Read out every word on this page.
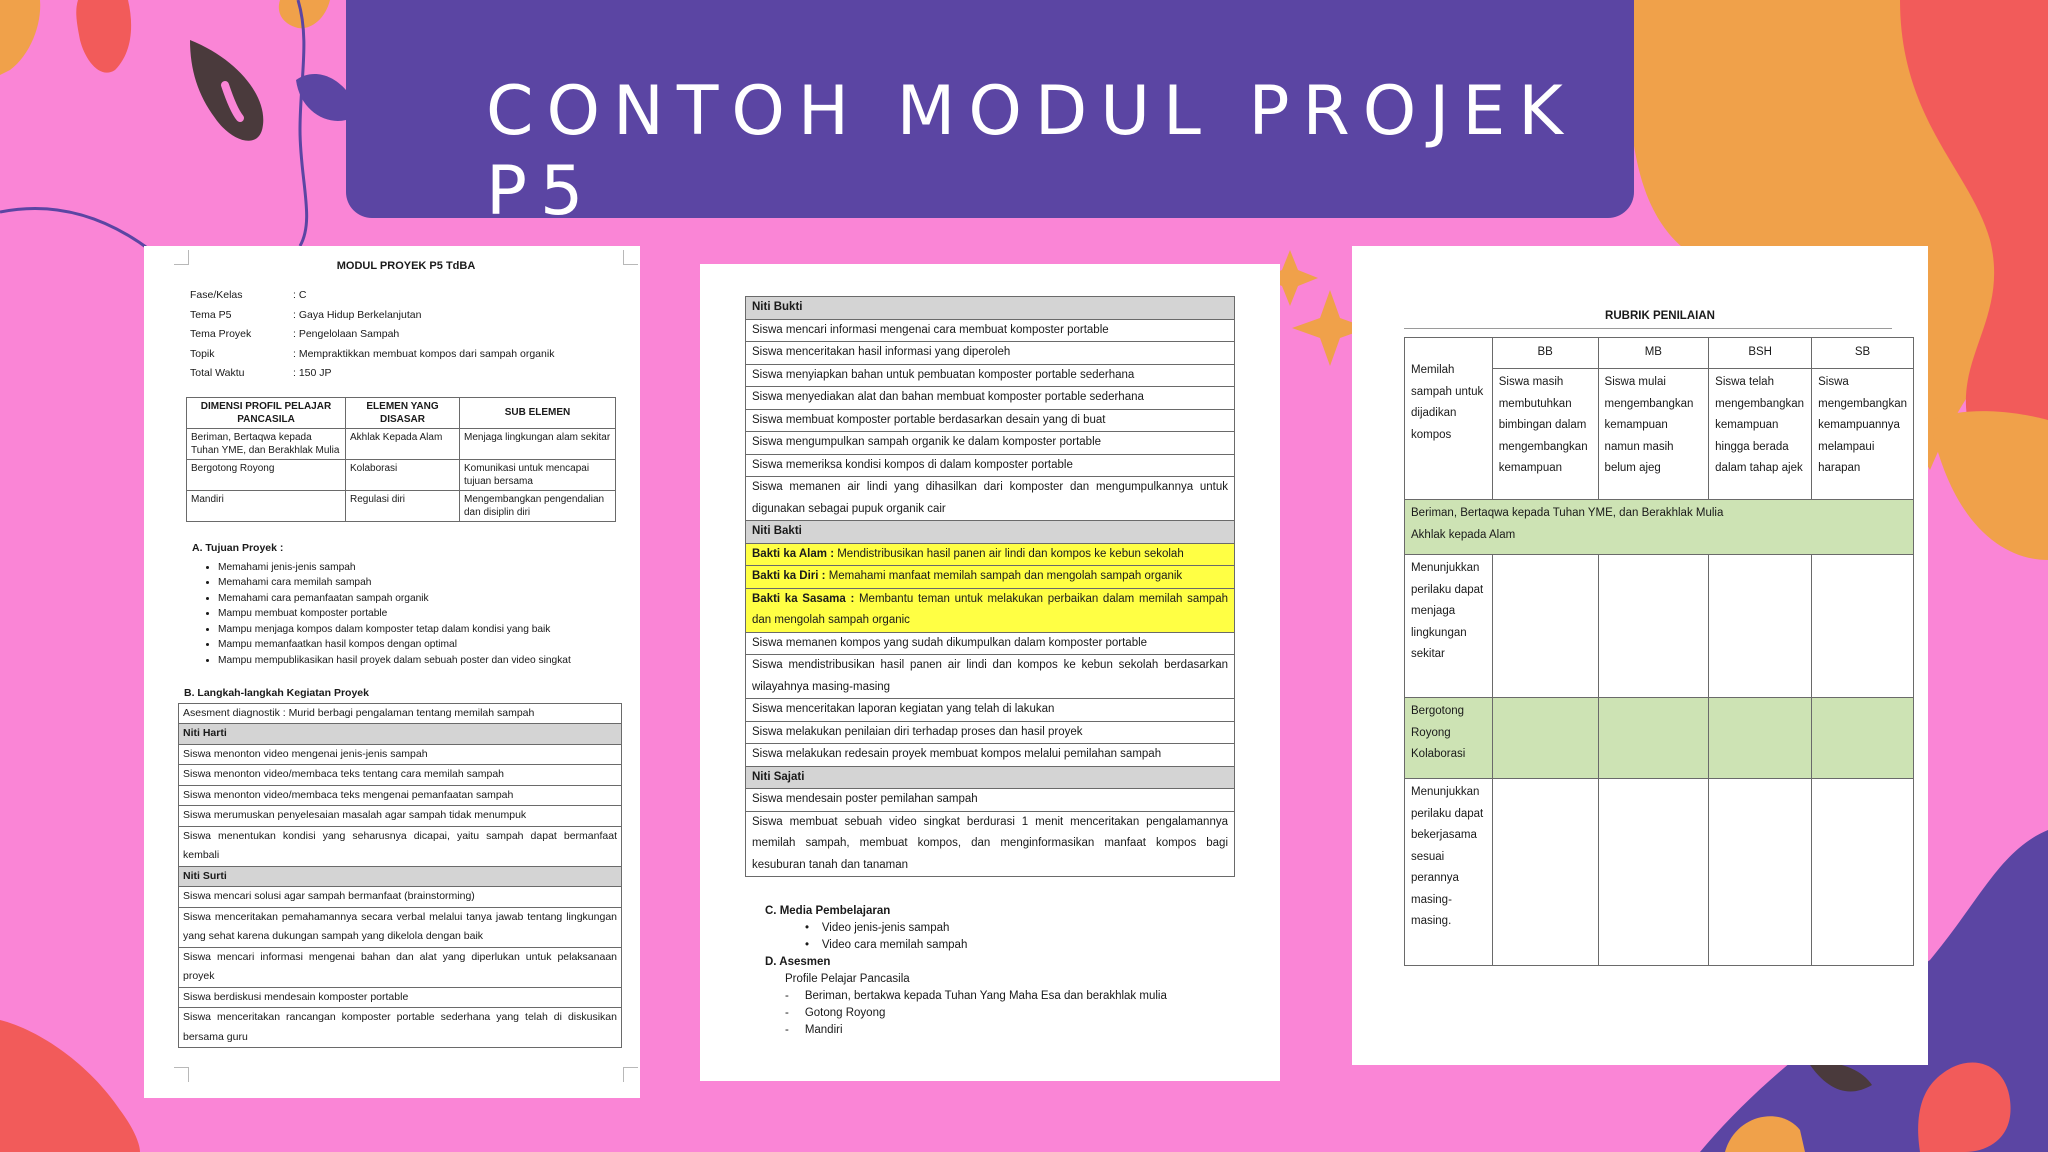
CONTOH MODUL PROJEK P5
MODUL PROYEK P5 TdBA
Fase/Kelas	: C
Tema P5	: Gaya Hidup Berkelanjutan
Tema Proyek	: Pengelolaan Sampah
Topik	: Mempraktikkan membuat kompos dari sampah organik
Total Waktu	: 150 JP
DIMENSI PROFIL PELAJAR PANCASILA	ELEMEN YANG DISASAR	SUB ELEMEN
Beriman, Bertaqwa kepada Tuhan YME, dan Berakhlak Mulia	Akhlak Kepada Alam	Menjaga lingkungan alam sekitar
Bergotong Royong	Kolaborasi	Komunikasi untuk mencapai tujuan bersama
Mandiri	Regulasi diri	Mengembangkan pengendalian dan disiplin diri
A. Tujuan Proyek :
• Memahami jenis-jenis sampah
• Memahami cara memilah sampah
• Memahami cara pemanfaatan sampah organik
• Mampu membuat komposter portable
• Mampu menjaga kompos dalam komposter tetap dalam kondisi yang baik
• Mampu memanfaatkan hasil kompos dengan optimal
• Mampu mempublikasikan hasil proyek dalam sebuah poster dan video singkat
B. Langkah-langkah Kegiatan Proyek
Asesment diagnostik : Murid berbagi pengalaman tentang memilah sampah
Niti Harti
Siswa menonton video mengenai jenis-jenis sampah
Siswa menonton video/membaca teks tentang cara memilah sampah
Siswa menonton video/membaca teks mengenai pemanfaatan sampah
Siswa merumuskan penyelesaian masalah agar sampah tidak menumpuk
Siswa menentukan kondisi yang seharusnya dicapai, yaitu sampah dapat bermanfaat kembali
Niti Surti
Siswa mencari solusi agar sampah bermanfaat (brainstorming)
Siswa menceritakan pemahamannya secara verbal melalui tanya jawab tentang lingkungan yang sehat karena dukungan sampah yang dikelola dengan baik
Siswa mencari informasi mengenai bahan dan alat yang diperlukan untuk pelaksanaan proyek
Siswa berdiskusi mendesain komposter portable
Siswa menceritakan rancangan komposter portable sederhana yang telah di diskusikan bersama guru
Niti Bukti
Siswa mencari informasi mengenai cara membuat komposter portable
Siswa menceritakan hasil informasi yang diperoleh
Siswa menyiapkan bahan untuk pembuatan komposter portable sederhana
Siswa menyediakan alat dan bahan membuat komposter portable sederhana
Siswa membuat komposter portable berdasarkan desain yang di buat
Siswa mengumpulkan sampah organik ke dalam komposter portable
Siswa memeriksa kondisi kompos di dalam komposter portable
Siswa memanen air lindi yang dihasilkan dari komposter dan mengumpulkannya untuk digunakan sebagai pupuk organik cair
Niti Bakti
Bakti ka Alam : Mendistribusikan hasil panen air lindi dan kompos ke kebun sekolah
Bakti ka Diri : Memahami manfaat memilah sampah dan mengolah sampah organik
Bakti ka Sasama : Membantu teman untuk melakukan perbaikan dalam memilah sampah dan mengolah sampah organic
Siswa memanen kompos yang sudah dikumpulkan dalam komposter portable
Siswa mendistribusikan hasil panen air lindi dan kompos ke kebun sekolah berdasarkan wilayahnya masing-masing
Siswa menceritakan laporan kegiatan yang telah di lakukan
Siswa melakukan penilaian diri terhadap proses dan hasil proyek
Siswa melakukan redesain proyek membuat kompos melalui pemilahan sampah
Niti Sajati
Siswa mendesain poster pemilahan sampah
Siswa membuat sebuah video singkat berdurasi 1 menit menceritakan pengalamannya memilah sampah, membuat kompos, dan menginformasikan manfaat kompos bagi kesuburan tanah dan tanaman
C. Media Pembelajaran
•    Video jenis-jenis sampah
•    Video cara memilah sampah
D. Asesmen
Profile Pelajar Pancasila
-     Beriman, bertakwa kepada Tuhan Yang Maha Esa dan berakhlak mulia
-     Gotong Royong
-     Mandiri
RUBRIK PENILAIAN
Memilah sampah untuk dijadikan kompos	BB	MB	BSH	SB
	Siswa masih membutuhkan bimbingan dalam mengembangkan kemampuan	Siswa mulai mengembangkan kemampuan namun masih belum ajeg	Siswa telah mengembangkan kemampuan hingga berada dalam tahap ajek	Siswa mengembangkan kemampuannya melampaui harapan

Beriman, Bertaqwa kepada Tuhan YME, dan Berakhlak Mulia
Akhlak kepada Alam				

Menunjukkan perilaku dapat menjaga lingkungan sekitar				
Bergotong Royong Kolaborasi				
Menunjukkan perilaku dapat bekerjasama sesuai perannya masing-masing.				
